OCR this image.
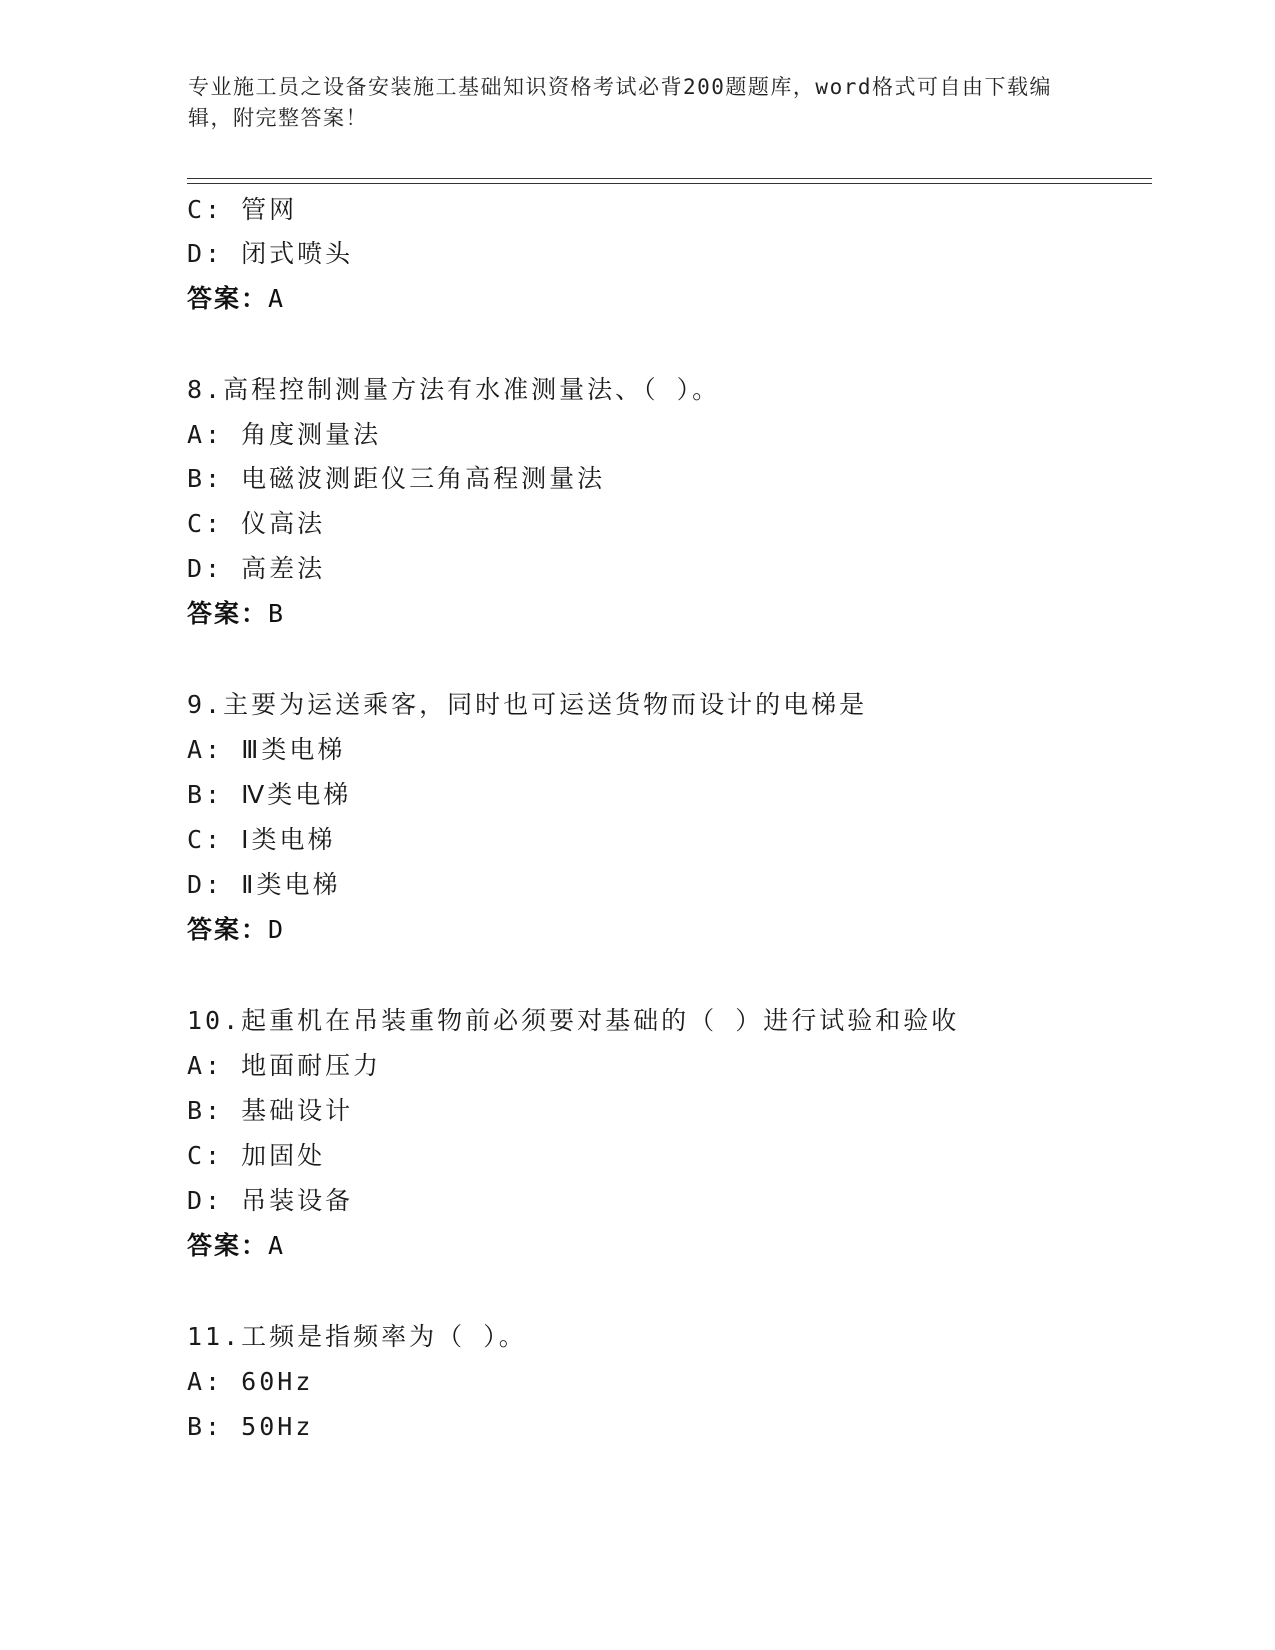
专业施工员之设备安装施工基础知识资格考试必背200题题库，word格式可自由下载编辑，附完整答案！
C: 管网
D: 闭式喷头
答案：A
8.高程控制测量方法有水准测量法、（ ）。
A: 角度测量法
B: 电磁波测距仪三角高程测量法
C: 仪高法
D: 高差法
答案：B
9.主要为运送乘客，同时也可运送货物而设计的电梯是
A: Ⅲ类电梯
B: Ⅳ类电梯
C: Ⅰ类电梯
D: Ⅱ类电梯
答案：D
10.起重机在吊装重物前必须要对基础的（ ）进行试验和验收
A: 地面耐压力
B: 基础设计
C: 加固处
D: 吊装设备
答案：A
11.工频是指频率为（ ）。
A: 60Hz
B: 50Hz
